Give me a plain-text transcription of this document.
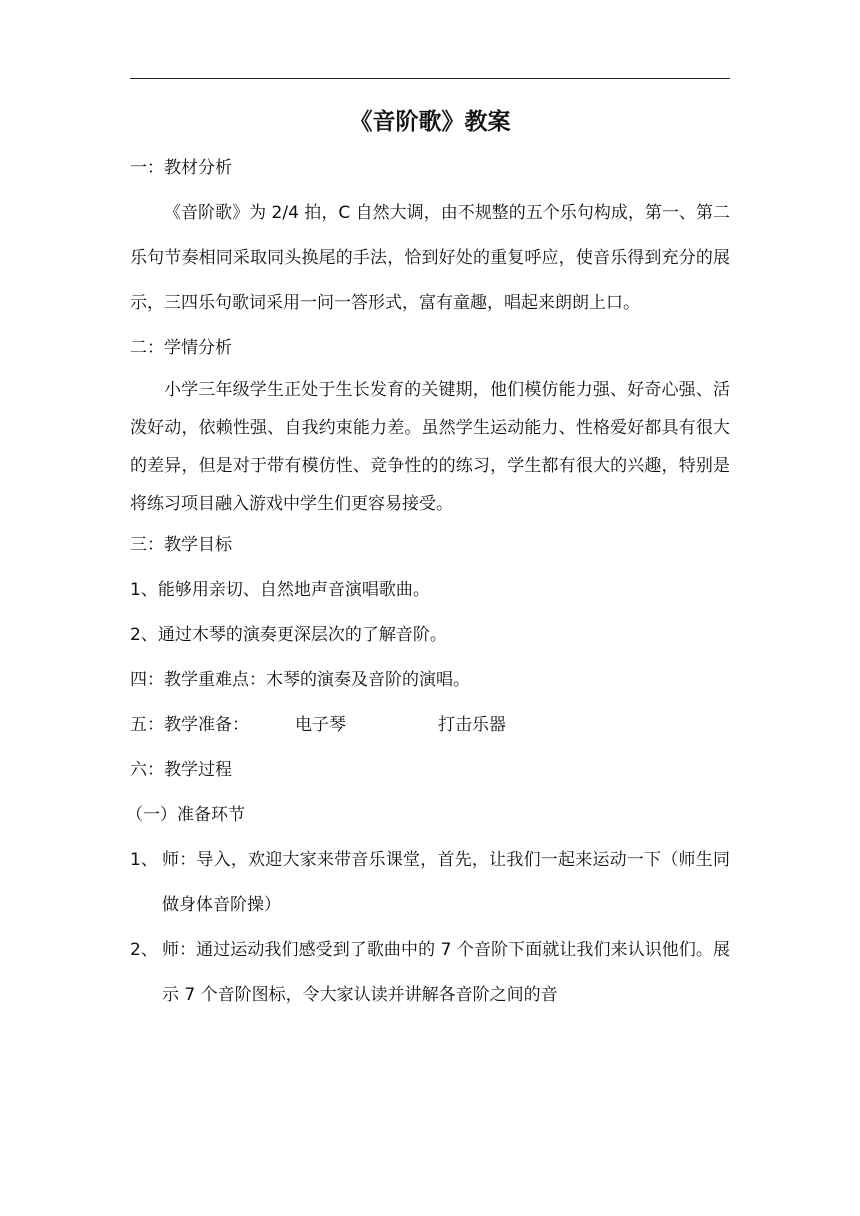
《音阶歌》教案
一：教材分析
《音阶歌》为 2/4 拍，C 自然大调，由不规整的五个乐句构成，第一、第二乐句节奏相同采取同头换尾的手法，恰到好处的重复呼应，使音乐得到充分的展示，三四乐句歌词采用一问一答形式，富有童趣，唱起来朗朗上口。
二：学情分析
小学三年级学生正处于生长发育的关键期，他们模仿能力强、好奇心强、活泼好动，依赖性强、自我约束能力差。虽然学生运动能力、性格爱好都具有很大的差异，但是对于带有模仿性、竞争性的的练习，学生都有很大的兴趣，特别是将练习项目融入游戏中学生们更容易接受。
三：教学目标
1、能够用亲切、自然地声音演唱歌曲。
2、通过木琴的演奏更深层次的了解音阶。
四：教学重难点：木琴的演奏及音阶的演唱。
五：教学准备：	电子琴	打击乐器
六：教学过程
（一）准备环节
1、 师：导入，欢迎大家来带音乐课堂，首先，让我们一起来运动一下（师生同做身体音阶操）
2、 师：通过运动我们感受到了歌曲中的 7 个音阶下面就让我们来认识他们。展示 7 个音阶图标，令大家认读并讲解各音阶之间的音
